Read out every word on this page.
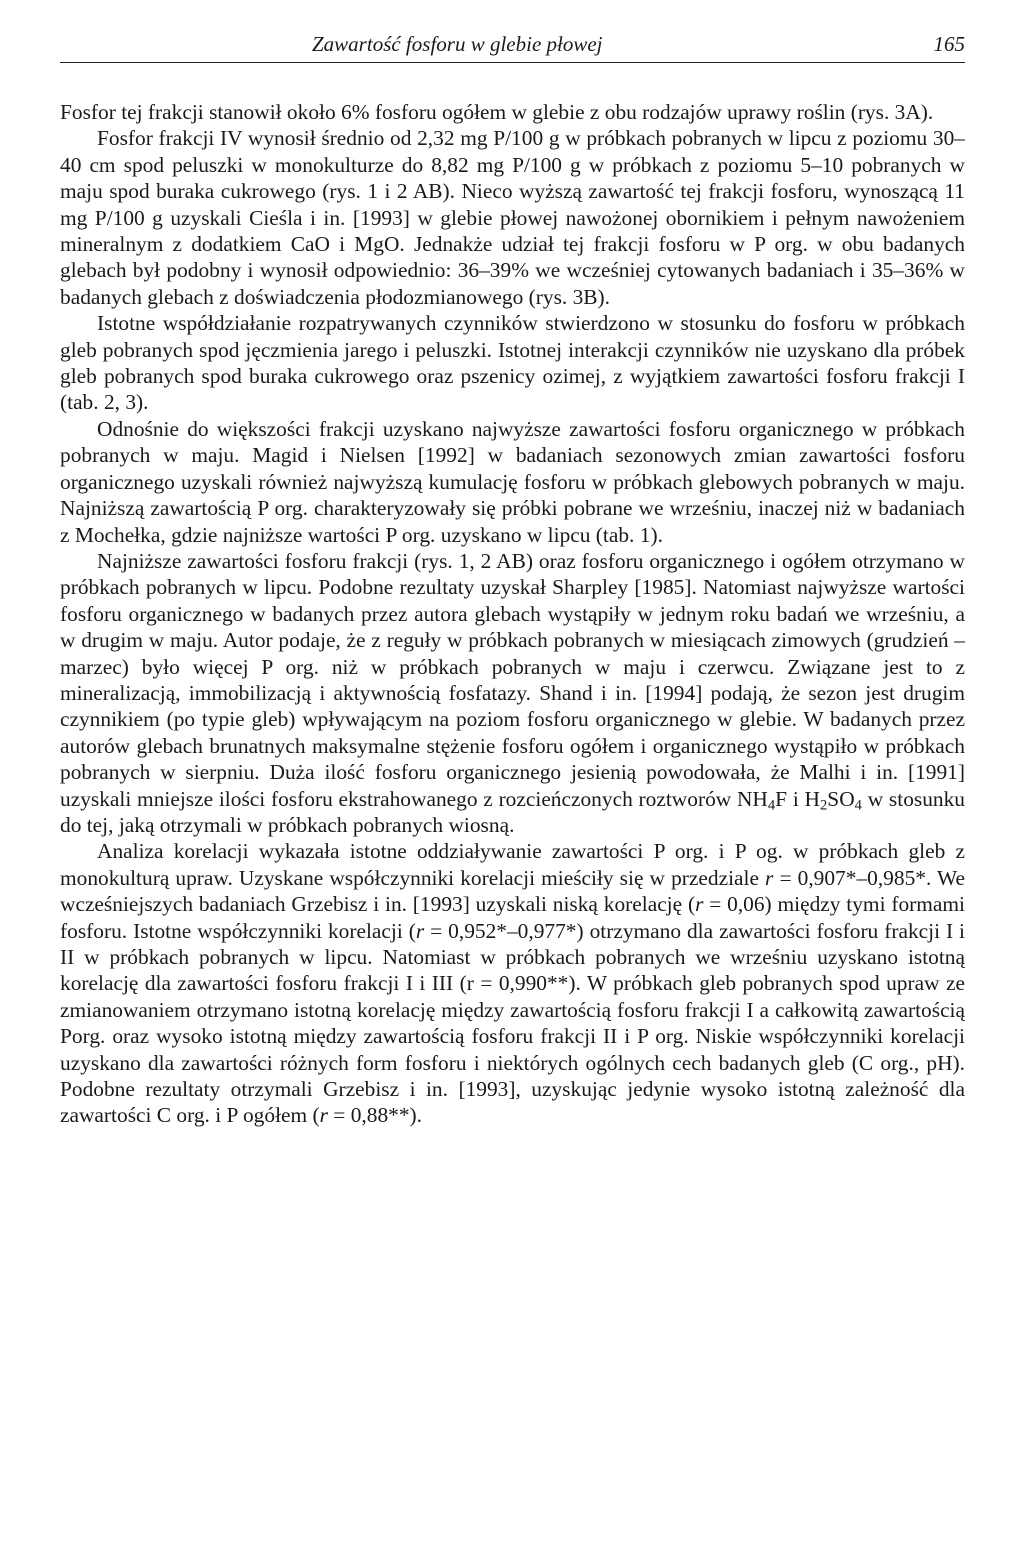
Zawartość fosforu w glebie płowej	165

Fosfor tej frakcji stanowił około 6% fosforu ogółem w glebie z obu rodzajów uprawy roślin (rys. 3A).

Fosfor frakcji IV wynosił średnio od 2,32 mg P/100 g w próbkach pobranych w lipcu z poziomu 30–40 cm spod peluszki w monokulturze do 8,82 mg P/100 g w próbkach z poziomu 5–10 pobranych w maju spod buraka cukrowego (rys. 1 i 2 AB). Nieco wyższą zawartość tej frakcji fosforu, wynoszącą 11 mg P/100 g uzyskali Cieśla i in. [1993] w glebie płowej nawożonej obornikiem i pełnym nawożeniem mineralnym z dodatkiem CaO i MgO. Jednakże udział tej frakcji fosforu w P org. w obu badanych glebach był podobny i wynosił odpowiednio: 36–39% we wcześniej cytowanych badaniach i 35–36% w badanych glebach z doświadczenia płodozmianowego (rys. 3B).

Istotne współdziałanie rozpatrywanych czynników stwierdzono w stosunku do fosforu w próbkach gleb pobranych spod jęczmienia jarego i peluszki. Istotnej interakcji czynników nie uzyskano dla próbek gleb pobranych spod buraka cukrowego oraz pszenicy ozimej, z wyjątkiem zawartości fosforu frakcji I (tab. 2, 3).

Odnośnie do większości frakcji uzyskano najwyższe zawartości fosforu organicznego w próbkach pobranych w maju. Magid i Nielsen [1992] w badaniach sezonowych zmian zawartości fosforu organicznego uzyskali również najwyższą kumulację fosforu w próbkach glebowych pobranych w maju. Najniższą zawartością P org. charakteryzowały się próbki pobrane we wrześniu, inaczej niż w badaniach z Mochełka, gdzie najniższe wartości P org. uzyskano w lipcu (tab. 1).

Najniższe zawartości fosforu frakcji (rys. 1, 2 AB) oraz fosforu organicznego i ogółem otrzymano w próbkach pobranych w lipcu. Podobne rezultaty uzyskał Sharpley [1985]. Natomiast najwyższe wartości fosforu organicznego w badanych przez autora glebach wystąpiły w jednym roku badań we wrześniu, a w drugim w maju. Autor podaje, że z reguły w próbkach pobranych w miesiącach zimowych (grudzień – marzec) było więcej P org. niż w próbkach pobranych w maju i czerwcu. Związane jest to z mineralizacją, immobilizacją i aktywnością fosfatazy. Shand i in. [1994] podają, że sezon jest drugim czynnikiem (po typie gleb) wpływającym na poziom fosforu organicznego w glebie. W badanych przez autorów glebach brunatnych maksymalne stężenie fosforu ogółem i organicznego wystąpiło w próbkach pobranych w sierpniu. Duża ilość fosforu organicznego jesienią powodowała, że Malhi i in. [1991] uzyskali mniejsze ilości fosforu ekstrahowanego z rozcieńczonych roztworów $NH_4F$ i $H_2SO_4$ w stosunku do tej, jaką otrzymali w próbkach pobranych wiosną.

Analiza korelacji wykazała istotne oddziaływanie zawartości P org. i P og. w próbkach gleb z monokulturą upraw. Uzyskane współczynniki korelacji mieściły się w przedziale r = 0,907*–0,985*. We wcześniejszych badaniach Grzebisz i in. [1993] uzyskali niską korelację (r = 0,06) między tymi formami fosforu. Istotne współczynniki korelacji (r = 0,952*–0,977*) otrzymano dla zawartości fosforu frakcji I i II w próbkach pobranych w lipcu. Natomiast w próbkach pobranych we wrześniu uzyskano istotną korelację dla zawartości fosforu frakcji I i III (r = 0,990**). W próbkach gleb pobranych spod upraw ze zmianowaniem otrzymano istotną korelację między zawartością fosforu frakcji I a całkowitą zawartością Porg. oraz wysoko istotną między zawartością fosforu frakcji II i P org. Niskie współczynniki korelacji uzyskano dla zawartości różnych form fosforu i niektórych ogólnych cech badanych gleb (C org., pH). Podobne rezultaty otrzymali Grzebisz i in. [1993], uzyskując jedynie wysoko istotną zależność dla zawartości C org. i P ogółem (r = 0,88**).
